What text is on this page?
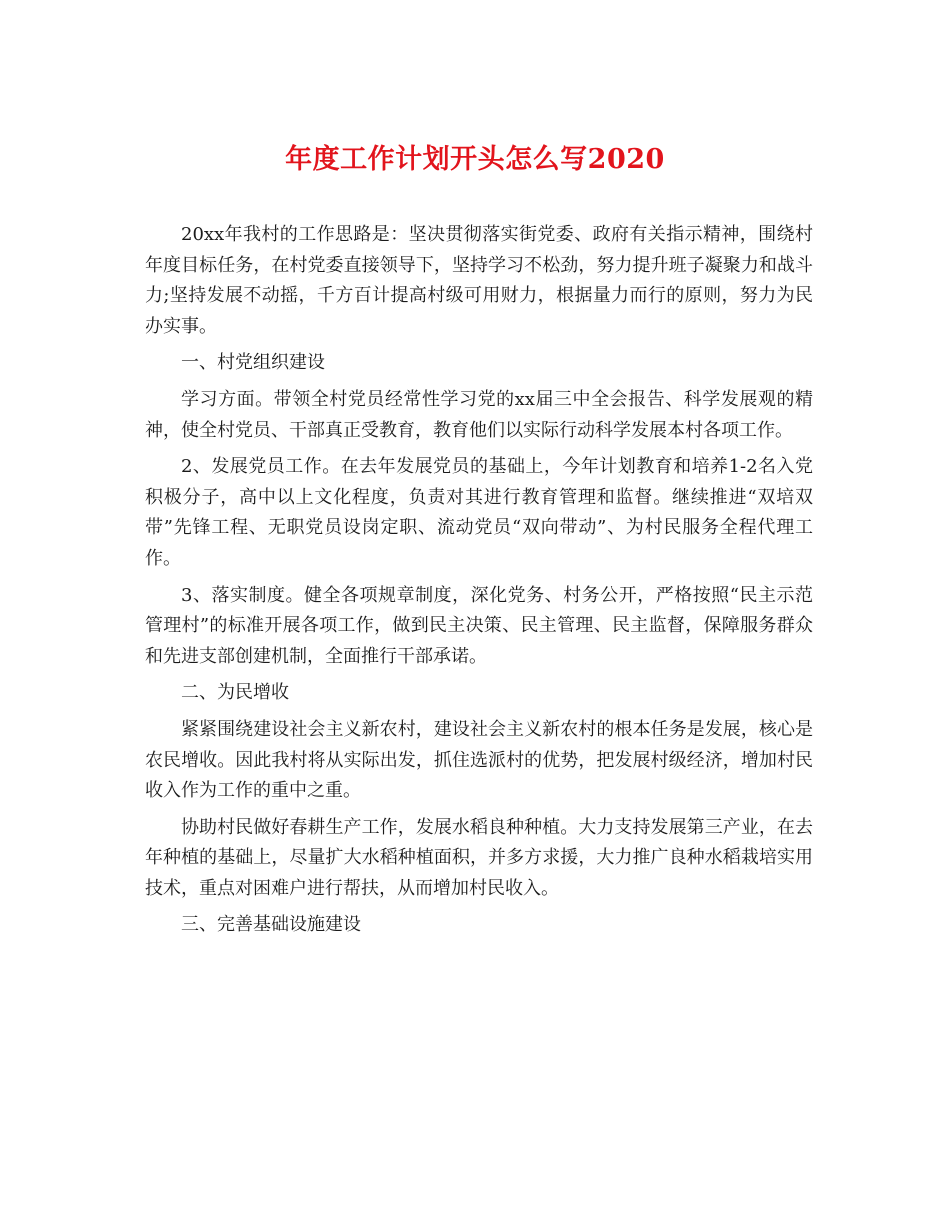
年度工作计划开头怎么写2020

20xx年我村的工作思路是：坚决贯彻落实街党委、政府有关指示精神，围绕村年度目标任务，在村党委直接领导下，坚持学习不松劲，努力提升班子凝聚力和战斗力;坚持发展不动摇，千方百计提高村级可用财力，根据量力而行的原则，努力为民办实事。

一、村党组织建设

学习方面。带领全村党员经常性学习党的xx届三中全会报告、科学发展观的精神，使全村党员、干部真正受教育，教育他们以实际行动科学发展本村各项工作。

2、发展党员工作。在去年发展党员的基础上，今年计划教育和培养1-2名入党积极分子，高中以上文化程度，负责对其进行教育管理和监督。继续推进“双培双带”先锋工程、无职党员设岗定职、流动党员“双向带动”、为村民服务全程代理工作。

3、落实制度。健全各项规章制度，深化党务、村务公开，严格按照“民主示范管理村”的标准开展各项工作，做到民主决策、民主管理、民主监督，保障服务群众和先进支部创建机制，全面推行干部承诺。

二、为民增收

紧紧围绕建设社会主义新农村，建设社会主义新农村的根本任务是发展，核心是农民增收。因此我村将从实际出发，抓住选派村的优势，把发展村级经济，增加村民收入作为工作的重中之重。

协助村民做好春耕生产工作，发展水稻良种种植。大力支持发展第三产业，在去年种植的基础上，尽量扩大水稻种植面积，并多方求援，大力推广良种水稻栽培实用技术，重点对困难户进行帮扶，从而增加村民收入。

三、完善基础设施建设
